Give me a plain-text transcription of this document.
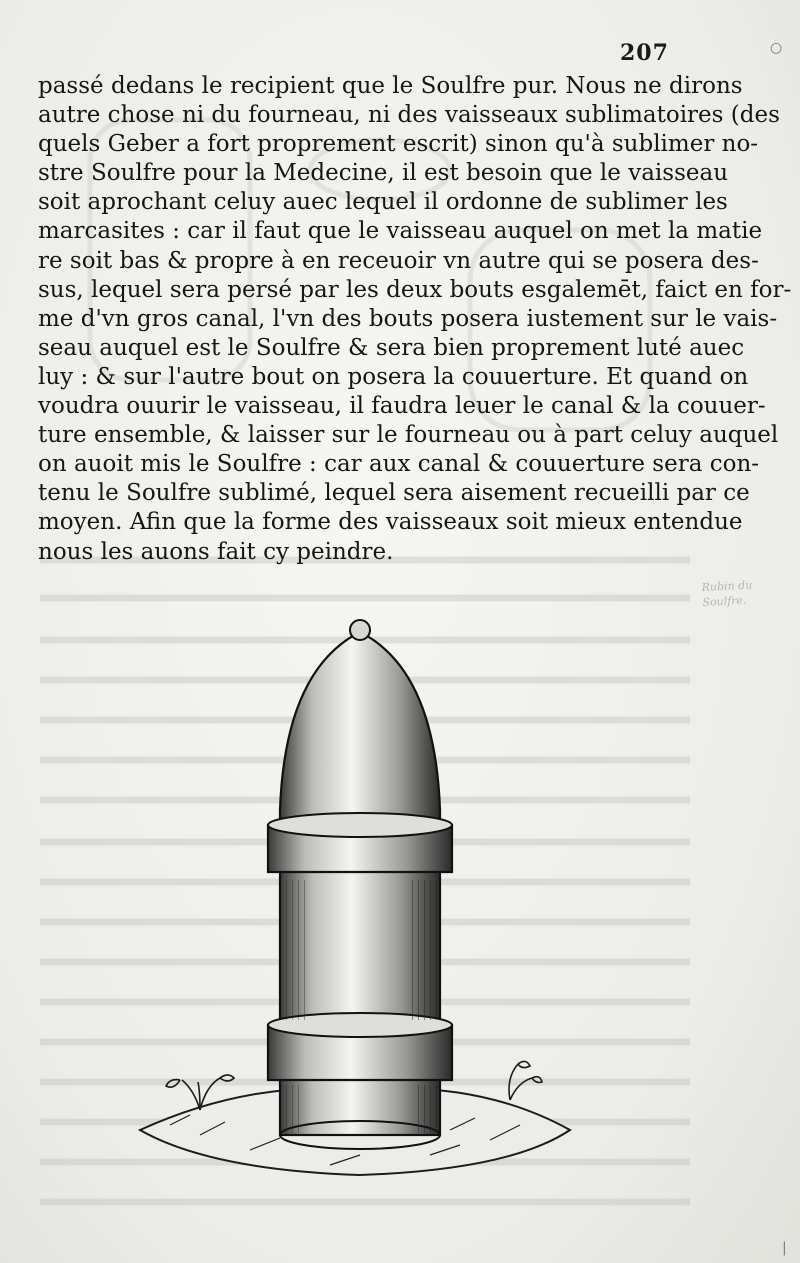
207	○
passé dedans le recipient que le Soulfre pur. Nous ne dirons
autre chose ni du fourneau, ni des vaisseaux sublimatoires (des
quels Geber a fort proprement escrit) sinon qu'à sublimer no-
stre Soulfre pour la Medecine, il est besoin que le vaisseau
soit aprochant celuy auec lequel il ordonne de sublimer les
marcasites : car il faut que le vaisseau auquel on met la matie
re soit bas & propre à en receuoir vn autre qui se posera des-
sus, lequel sera persé par les deux bouts esgalemēt, faict en for-
me d'vn gros canal, l'vn des bouts posera iustement sur le vais-
seau auquel est le Soulfre & sera bien proprement luté auec
luy : & sur l'autre bout on posera la couuerture. Et quand on
voudra ouurir le vaisseau, il faudra leuer le canal & la couuer-
ture ensemble, & laisser sur le fourneau ou à part celuy auquel
on auoit mis le Soulfre : car aux canal & couuerture sera con-
tenu le Soulfre sublimé, lequel sera aisement recueilli par ce
moyen. Afin que la forme des vaisseaux soit mieux entendue
nous les auons fait cy peindre.
Rubin du Soulfre.
|
